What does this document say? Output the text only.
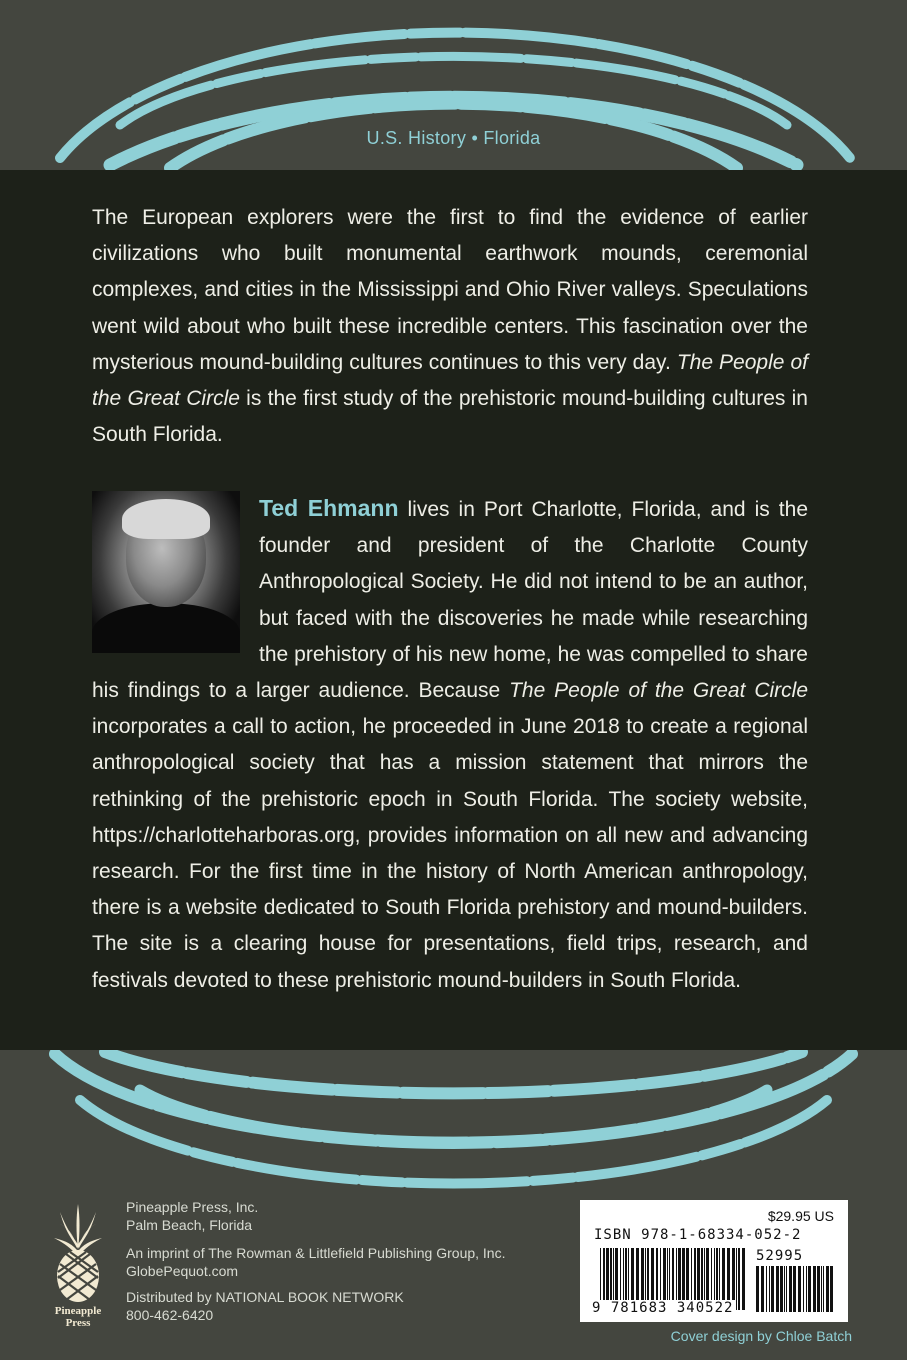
U.S. History • Florida

The European explorers were the first to find the evidence of earlier civilizations who built monumental earthwork mounds, ceremonial complexes, and cities in the Mississippi and Ohio River valleys. Speculations went wild about who built these incredible centers. This fascination over the mysterious mound-building cultures continues to this very day. The People of the Great Circle is the first study of the prehistoric mound-building cultures in South Florida.

Ted Ehmann lives in Port Charlotte, Florida, and is the founder and president of the Charlotte County Anthropological Society. He did not intend to be an author, but faced with the discoveries he made while researching the prehistory of his new home, he was compelled to share his findings to a larger audience. Because The People of the Great Circle incorporates a call to action, he proceeded in June 2018 to create a regional anthropological society that has a mission statement that mirrors the rethinking of the prehistoric epoch in South Florida. The society website, https://charlotteharboras.org, provides information on all new and advancing research. For the first time in the history of North American anthropology, there is a website dedicated to South Florida prehistory and mound-builders. The site is a clearing house for presentations, field trips, research, and festivals devoted to these prehistoric mound-builders in South Florida.
Pineapple
Press
Pineapple Press, Inc.
Palm Beach, Florida
An imprint of The Rowman & Littlefield Publishing Group, Inc.
GlobePequot.com
Distributed by NATIONAL BOOK NETWORK
800-462-6420
$29.95 US
ISBN 978-1-68334-052-2
52995
9 781683 340522
Cover design by Chloe Batch
